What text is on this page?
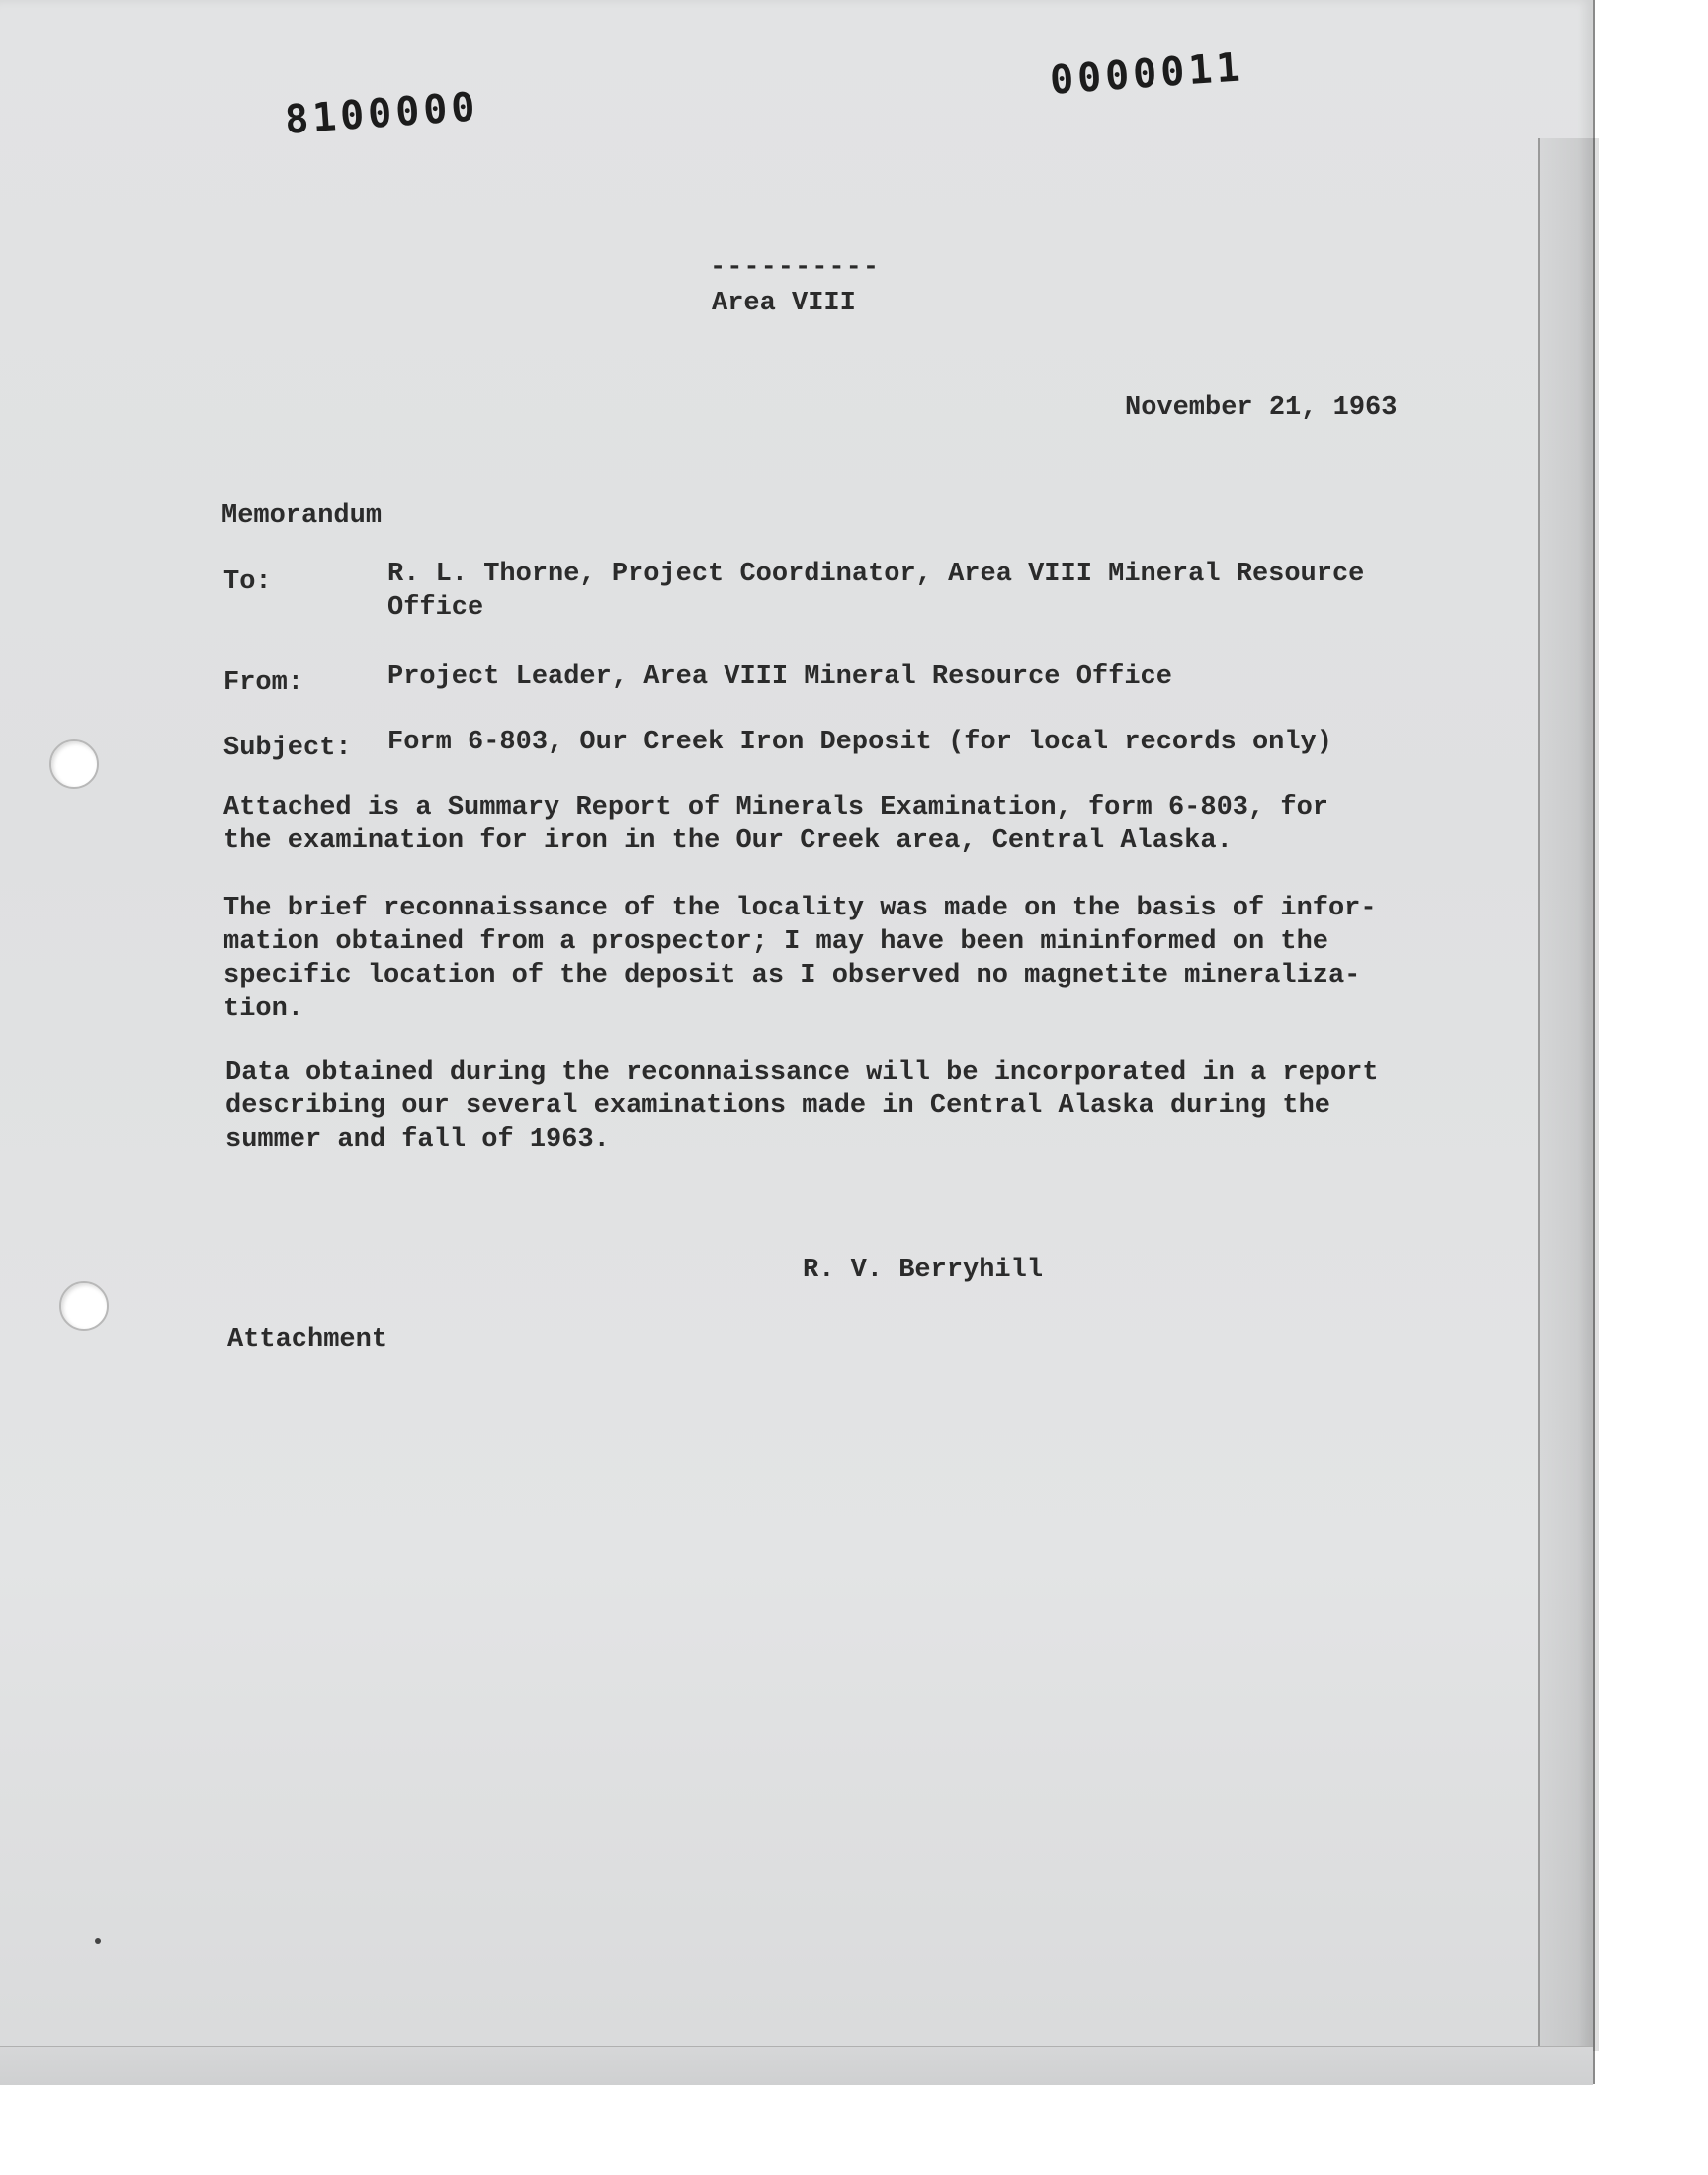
8100000
0000011
----------
Area VIII
November 21, 1963
Memorandum
To:	R. L. Thorne, Project Coordinator, Area VIII Mineral Resource
Office
From:	Project Leader, Area VIII Mineral Resource Office
Subject: Form 6-803, Our Creek Iron Deposit (for local records only)
Attached is a Summary Report of Minerals Examination, form 6-803, for
the examination for iron in the Our Creek area, Central Alaska.
The brief reconnaissance of the locality was made on the basis of infor-
mation obtained from a prospector; I may have been mininformed on the
specific location of the deposit as I observed no magnetite mineraliza-
tion.
Data obtained during the reconnaissance will be incorporated in a report
describing our several examinations made in Central Alaska during the
summer and fall of 1963.
R. V. Berryhill
Attachment
